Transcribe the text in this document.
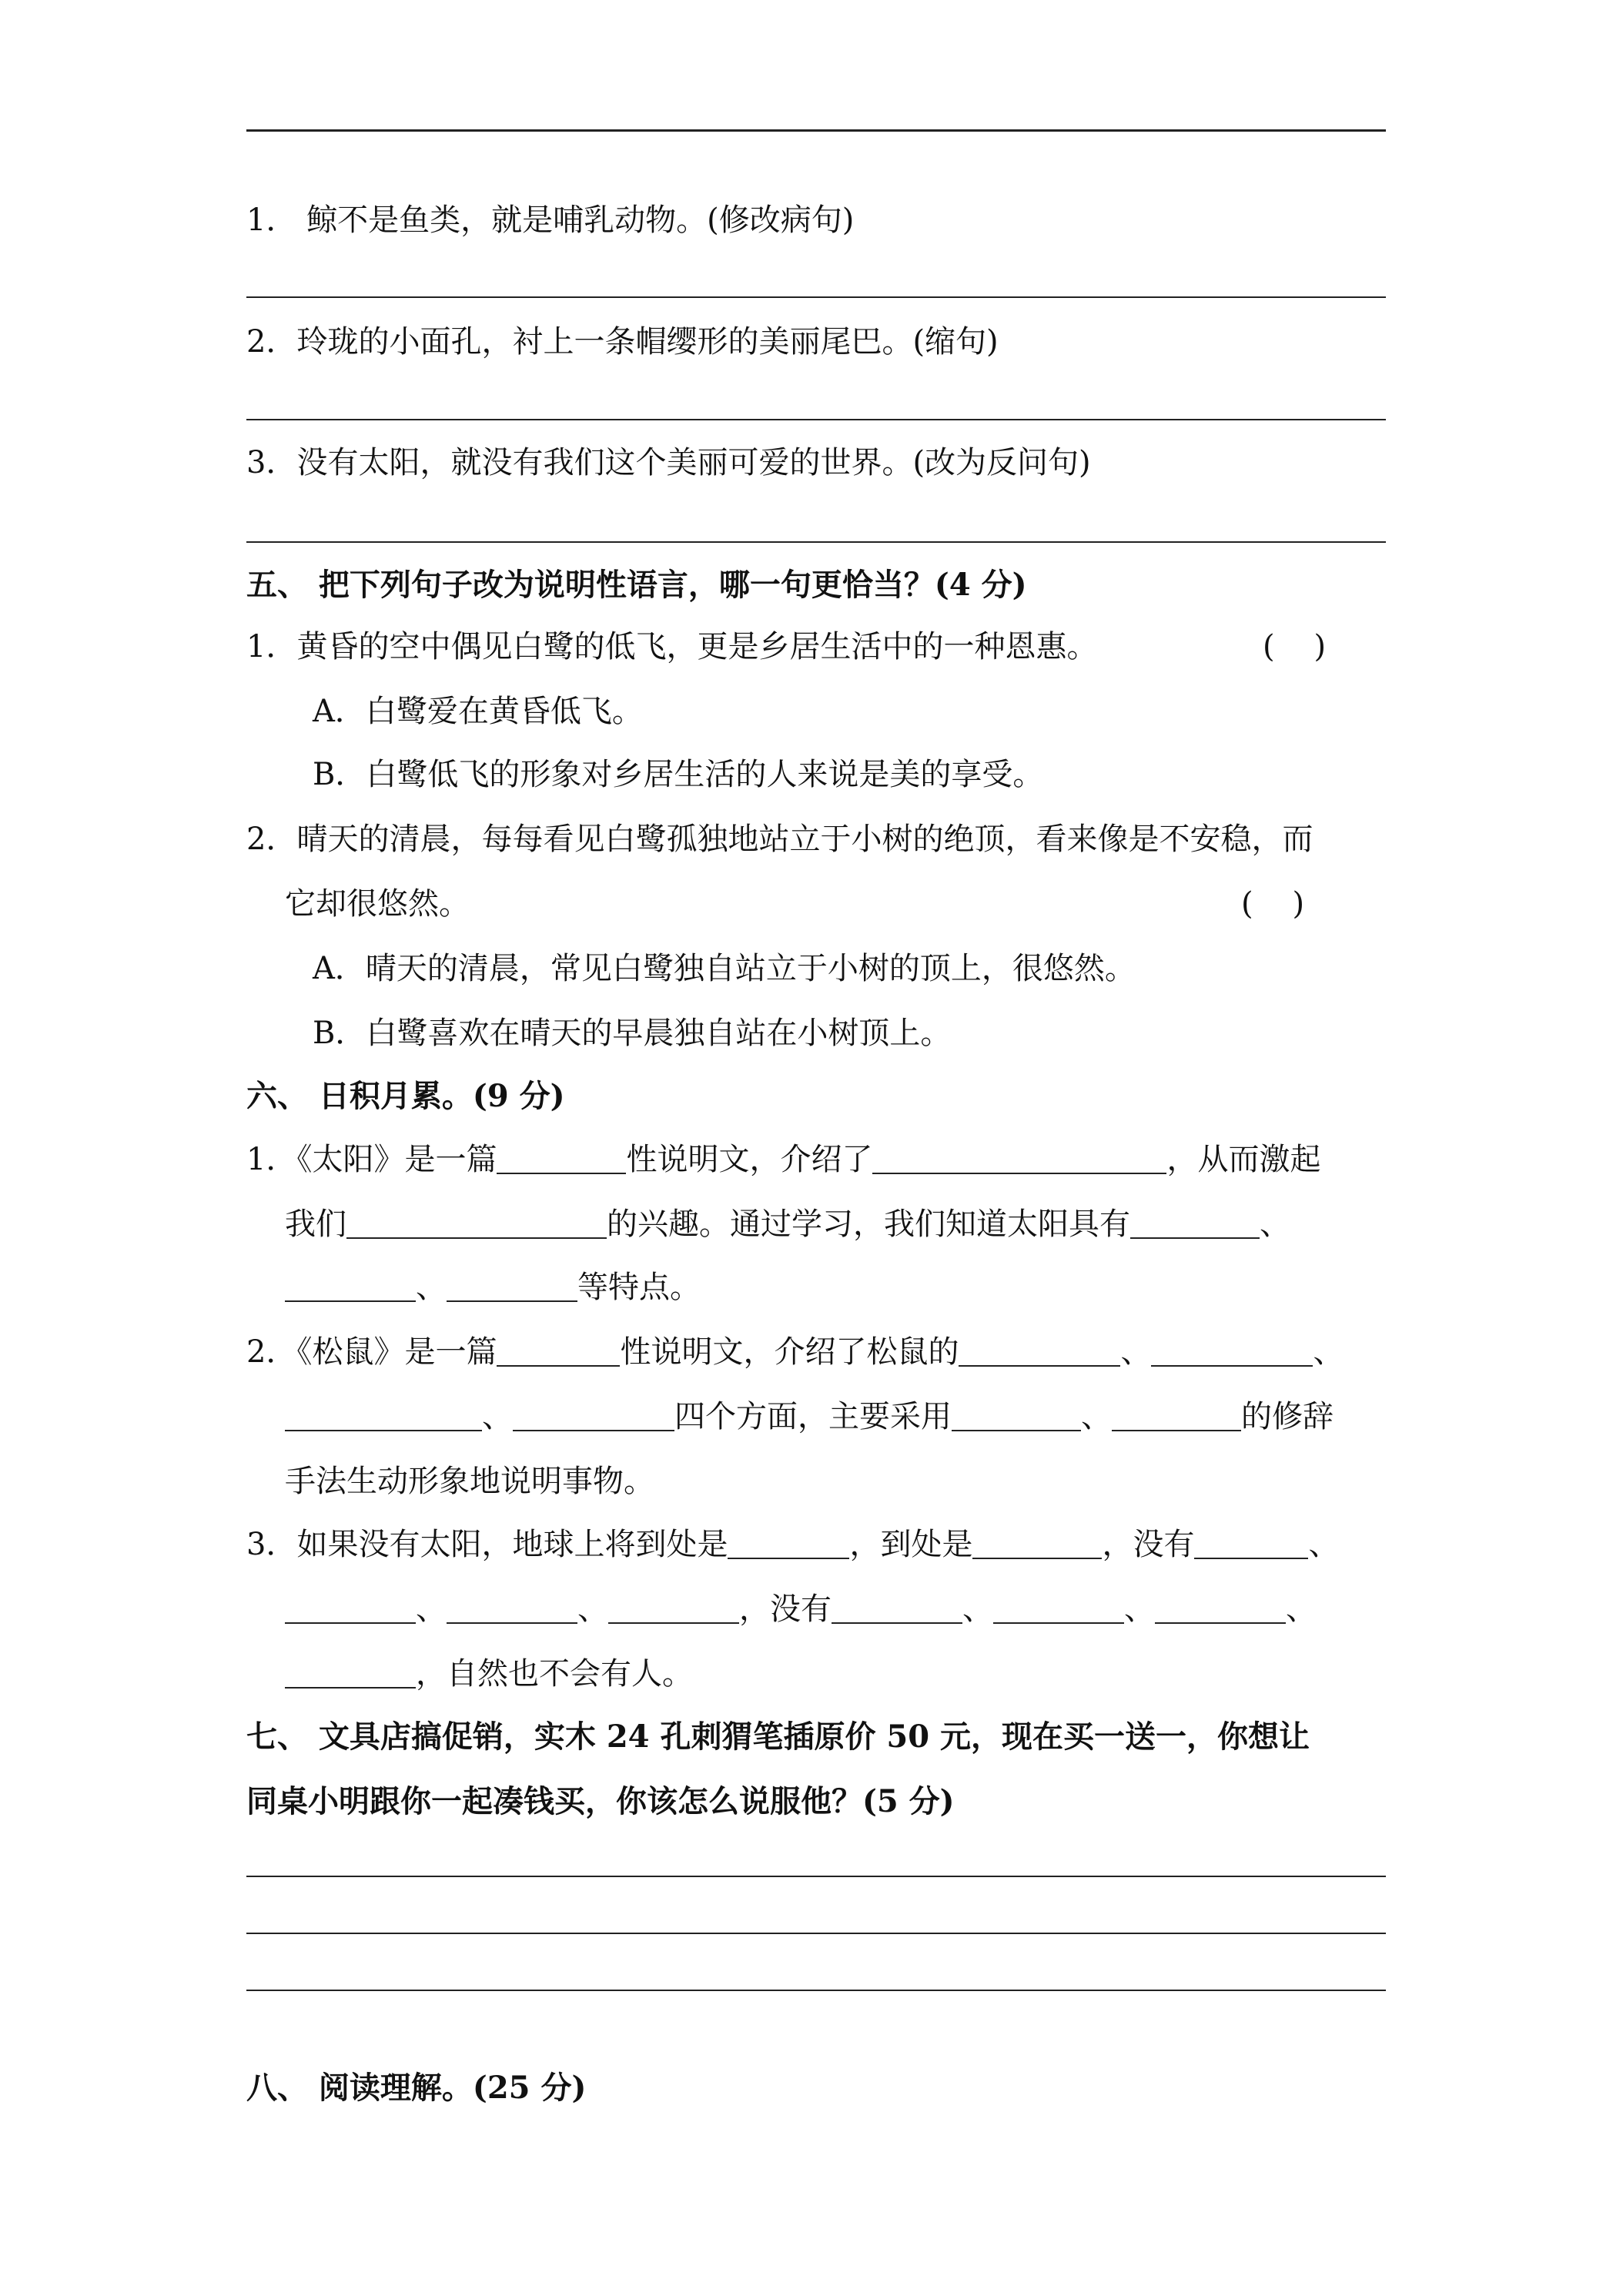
1． 鲸不是鱼类，就是哺乳动物。(修改病句)
2．玲珑的小面孔，衬上一条帽缨形的美丽尾巴。(缩句)
3．没有太阳，就没有我们这个美丽可爱的世界。(改为反问句)
五、 把下列句子改为说明性语言，哪一句更恰当？(4 分)
1．黄昏的空中偶见白鹭的低飞，更是乡居生活中的一种恩惠。	(    )
A．白鹭爱在黄昏低飞。
B．白鹭低飞的形象对乡居生活的人来说是美的享受。
2．晴天的清晨，每每看见白鹭孤独地站立于小树的绝顶，看来像是不安稳，而
它却很悠然。	(    )
A．晴天的清晨，常见白鹭独自站立于小树的顶上，很悠然。
B．白鹭喜欢在晴天的早晨独自站在小树顶上。
六、 日积月累。(9 分)
1．《太阳》是一篇	性说明文，介绍了	，从而激起
我们	的兴趣。通过学习，我们知道太阳具有	、
、	等特点。
2．《松鼠》是一篇	性说明文，介绍了松鼠的	、	、
、	四个方面，主要采用	、	的修辞
手法生动形象地说明事物。
3．如果没有太阳，地球上将到处是	，到处是	，没有	、
、	、	，没有	、	、	、
，自然也不会有人。
七、 文具店搞促销，实木 24 孔刺猬笔插原价 50 元，现在买一送一，你想让
同桌小明跟你一起凑钱买，你该怎么说服他？(5 分)
八、 阅读理解。(25 分)
